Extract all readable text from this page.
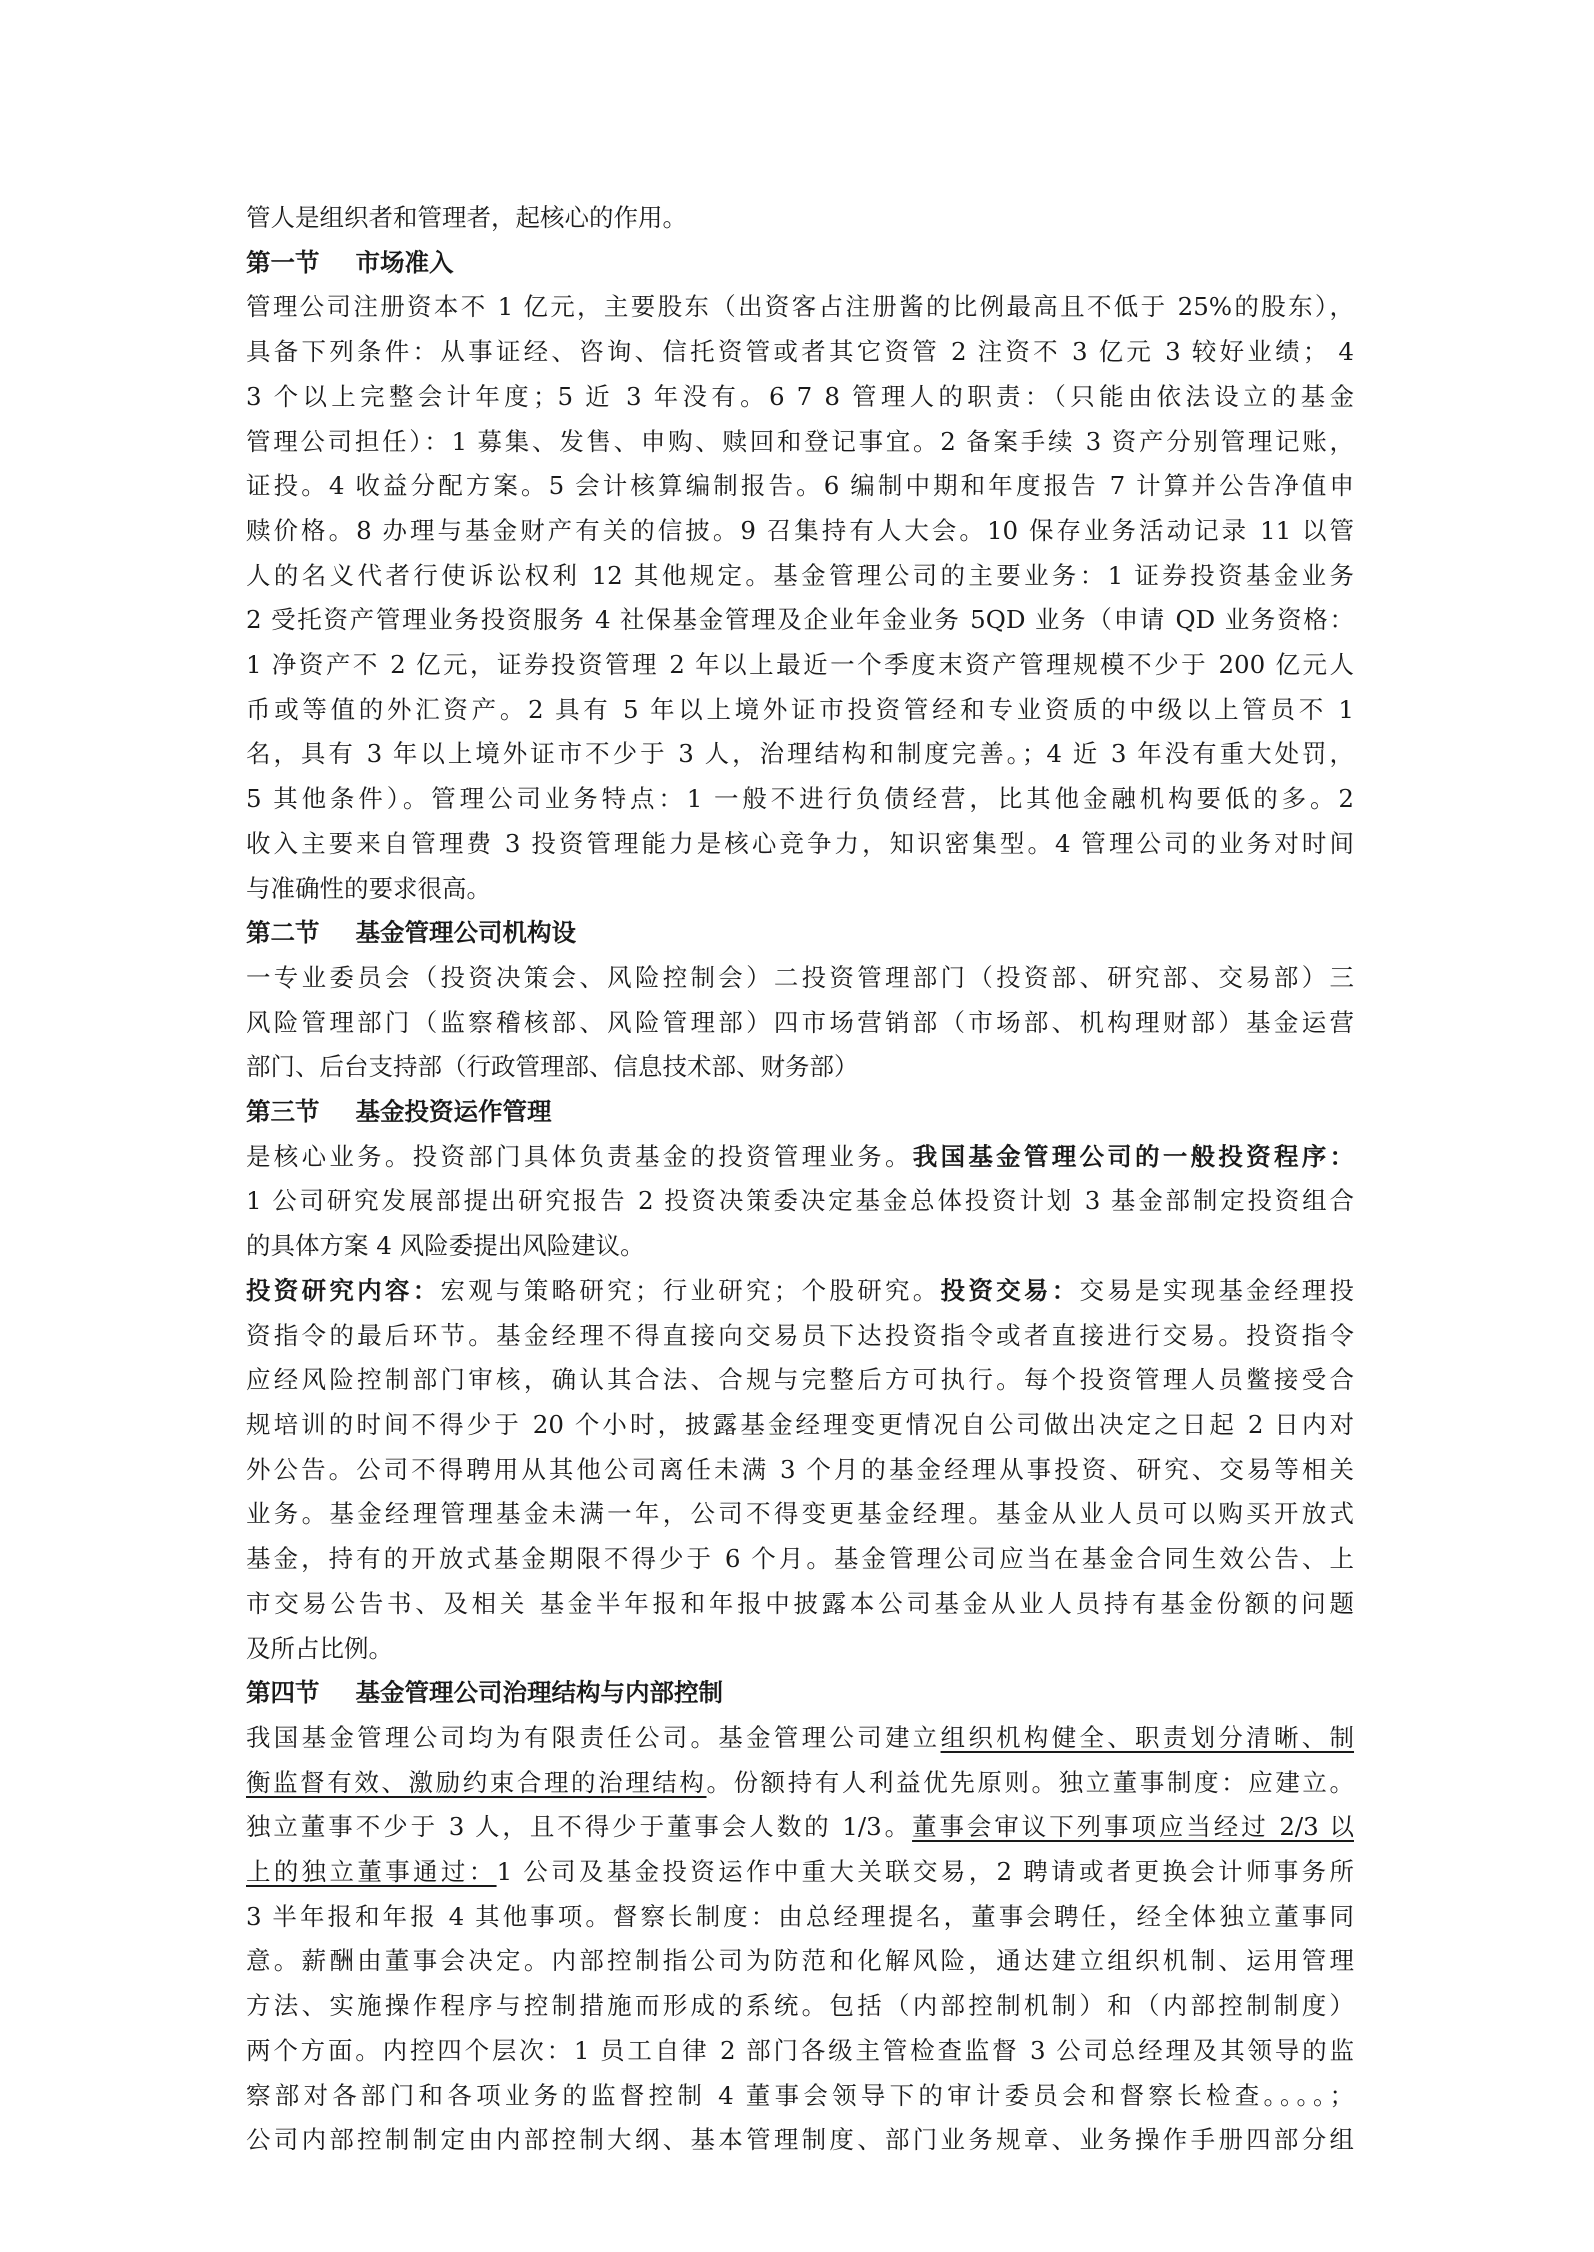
管人是组织者和管理者，起核心的作用。

第一节 市场准入

管理公司注册资本不 1 亿元，主要股东（出资客占注册酱的比例最高且不低于 25%的股东），

具备下列条件：从事证经、咨询、信托资管或者其它资管 2 注资不 3 亿元 3 较好业绩； 4

3 个以上完整会计年度；5 近 3 年没有。6 7 8 管理人的职责：（只能由依法设立的基金

管理公司担任）：1 募集、发售、申购、赎回和登记事宜。2 备案手续 3 资产分别管理记账，

证投。4 收益分配方案。5 会计核算编制报告。6 编制中期和年度报告 7 计算并公告净值申

赎价格。8 办理与基金财产有关的信披。9 召集持有人大会。10 保存业务活动记录 11 以管

人的名义代者行使诉讼权利 12 其他规定。基金管理公司的主要业务：1 证券投资基金业务

2 受托资产管理业务投资服务 4 社保基金管理及企业年金业务 5QD 业务（申请 QD 业务资格：

1 净资产不 2 亿元，证券投资管理 2 年以上最近一个季度末资产管理规模不少于 200 亿元人

币或等值的外汇资产。2 具有 5 年以上境外证市投资管经和专业资质的中级以上管员不 1

名，具有 3 年以上境外证市不少于 3 人，治理结构和制度完善。；4 近 3 年没有重大处罚，

5 其他条件）。管理公司业务特点：1 一般不进行负债经营，比其他金融机构要低的多。2

收入主要来自管理费 3 投资管理能力是核心竞争力，知识密集型。4 管理公司的业务对时间

与准确性的要求很高。

第二节 基金管理公司机构设

一专业委员会（投资决策会、风险控制会）二投资管理部门（投资部、研究部、交易部）三

风险管理部门（监察稽核部、风险管理部）四市场营销部（市场部、机构理财部）基金运营

部门、后台支持部（行政管理部、信息技术部、财务部）

第三节 基金投资运作管理

是核心业务。投资部门具体负责基金的投资管理业务。我国基金管理公司的一般投资程序：

1 公司研究发展部提出研究报告 2 投资决策委决定基金总体投资计划 3 基金部制定投资组合

的具体方案 4 风险委提出风险建议。

投资研究内容：宏观与策略研究；行业研究；个股研究。投资交易：交易是实现基金经理投

资指令的最后环节。基金经理不得直接向交易员下达投资指令或者直接进行交易。投资指令

应经风险控制部门审核，确认其合法、合规与完整后方可执行。每个投资管理人员鳖接受合

规培训的时间不得少于 20 个小时，披露基金经理变更情况自公司做出决定之日起 2 日内对

外公告。公司不得聘用从其他公司离任未满 3 个月的基金经理从事投资、研究、交易等相关

业务。基金经理管理基金未满一年，公司不得变更基金经理。基金从业人员可以购买开放式

基金，持有的开放式基金期限不得少于 6 个月。基金管理公司应当在基金合同生效公告、上

市交易公告书、及相关 基金半年报和年报中披露本公司基金从业人员持有基金份额的问题

及所占比例。

第四节 基金管理公司治理结构与内部控制

我国基金管理公司均为有限责任公司。基金管理公司建立组织机构健全、职责划分清晰、制

衡监督有效、激励约束合理的治理结构。份额持有人利益优先原则。独立董事制度：应建立。

独立董事不少于 3 人，且不得少于董事会人数的 1/3。董事会审议下列事项应当经过 2/3 以

上的独立董事通过：1 公司及基金投资运作中重大关联交易，2 聘请或者更换会计师事务所

3 半年报和年报 4 其他事项。督察长制度：由总经理提名，董事会聘任，经全体独立董事同

意。薪酬由董事会决定。内部控制指公司为防范和化解风险，通达建立组织机制、运用管理

方法、实施操作程序与控制措施而形成的系统。包括（内部控制机制）和（内部控制制度）

两个方面。内控四个层次：1 员工自律 2 部门各级主管检查监督 3 公司总经理及其领导的监

察部对各部门和各项业务的监督控制 4 董事会领导下的审计委员会和督察长检查。。。。；

公司内部控制制定由内部控制大纲、基本管理制度、部门业务规章、业务操作手册四部分组
